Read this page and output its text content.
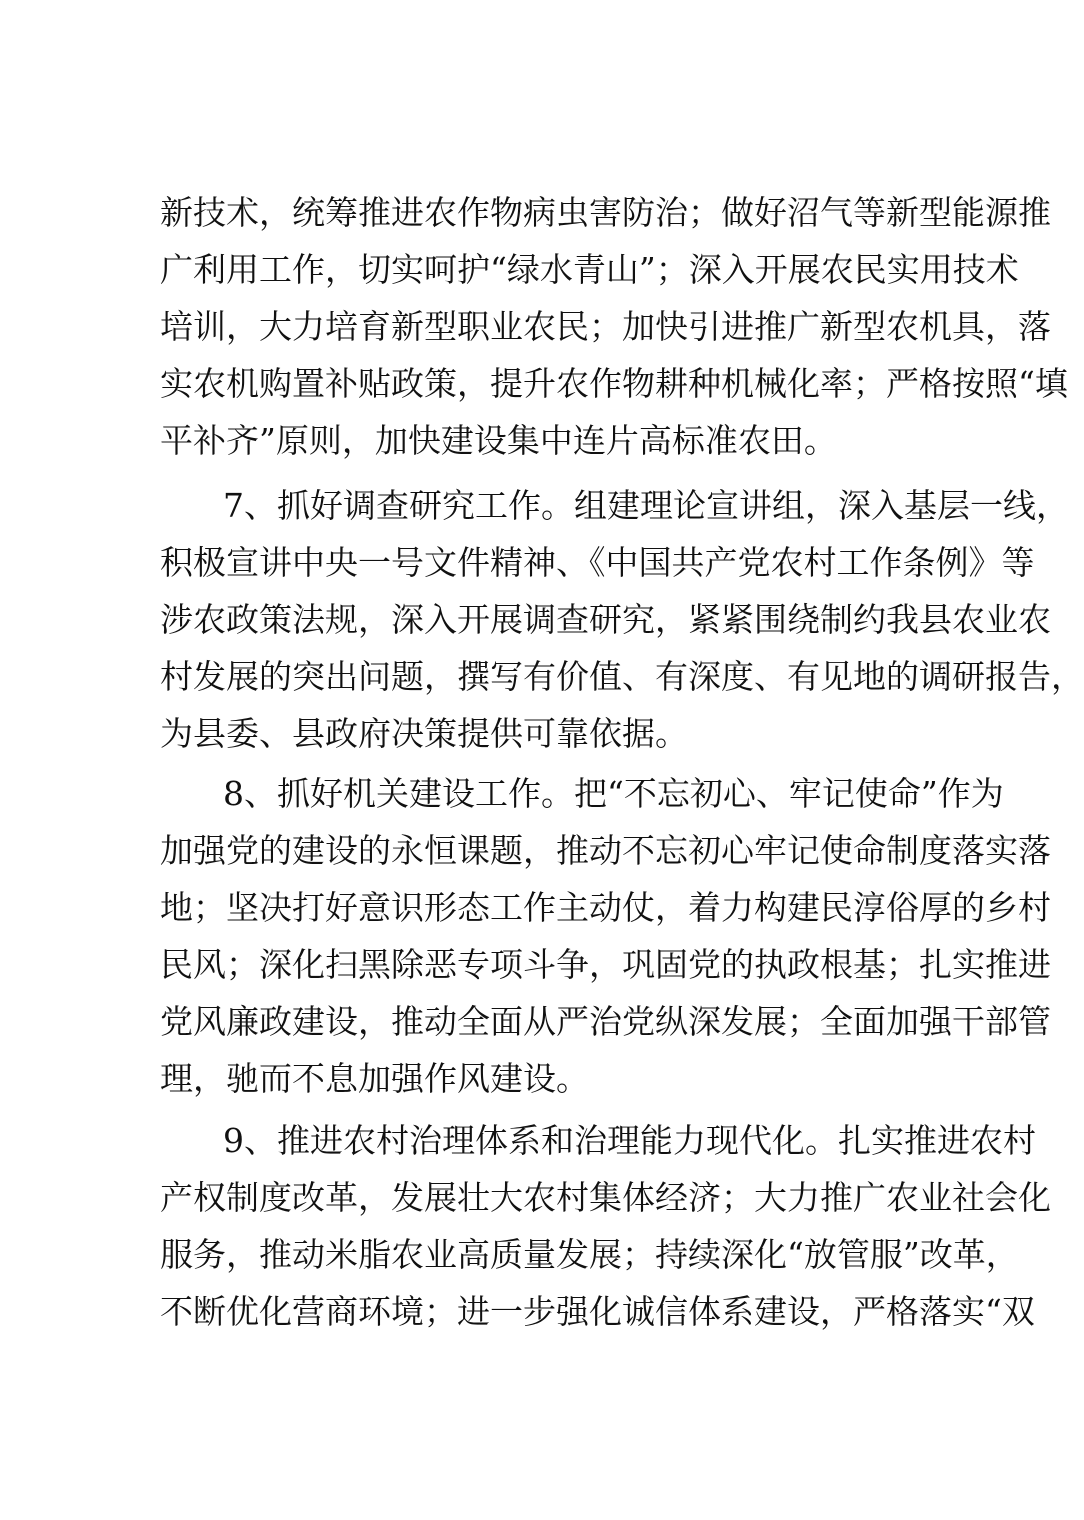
新技术，统筹推进农作物病虫害防治；做好沼气等新型能源推
广利用工作，切实呵护“绿水青山”；深入开展农民实用技术
培训，大力培育新型职业农民；加快引进推广新型农机具，落
实农机购置补贴政策，提升农作物耕种机械化率；严格按照“填
平补齐”原则，加快建设集中连片高标准农田。
7、抓好调查研究工作。组建理论宣讲组，深入基层一线，
积极宣讲中央一号文件精神、《中国共产党农村工作条例》等
涉农政策法规，深入开展调查研究，紧紧围绕制约我县农业农
村发展的突出问题，撰写有价值、有深度、有见地的调研报告，
为县委、县政府决策提供可靠依据。
8、抓好机关建设工作。把“不忘初心、牢记使命”作为
加强党的建设的永恒课题，推动不忘初心牢记使命制度落实落
地；坚决打好意识形态工作主动仗，着力构建民淳俗厚的乡村
民风；深化扫黑除恶专项斗争，巩固党的执政根基；扎实推进
党风廉政建设，推动全面从严治党纵深发展；全面加强干部管
理，驰而不息加强作风建设。
9、推进农村治理体系和治理能力现代化。扎实推进农村
产权制度改革，发展壮大农村集体经济；大力推广农业社会化
服务，推动米脂农业高质量发展；持续深化“放管服”改革，
不断优化营商环境；进一步强化诚信体系建设，严格落实“双
